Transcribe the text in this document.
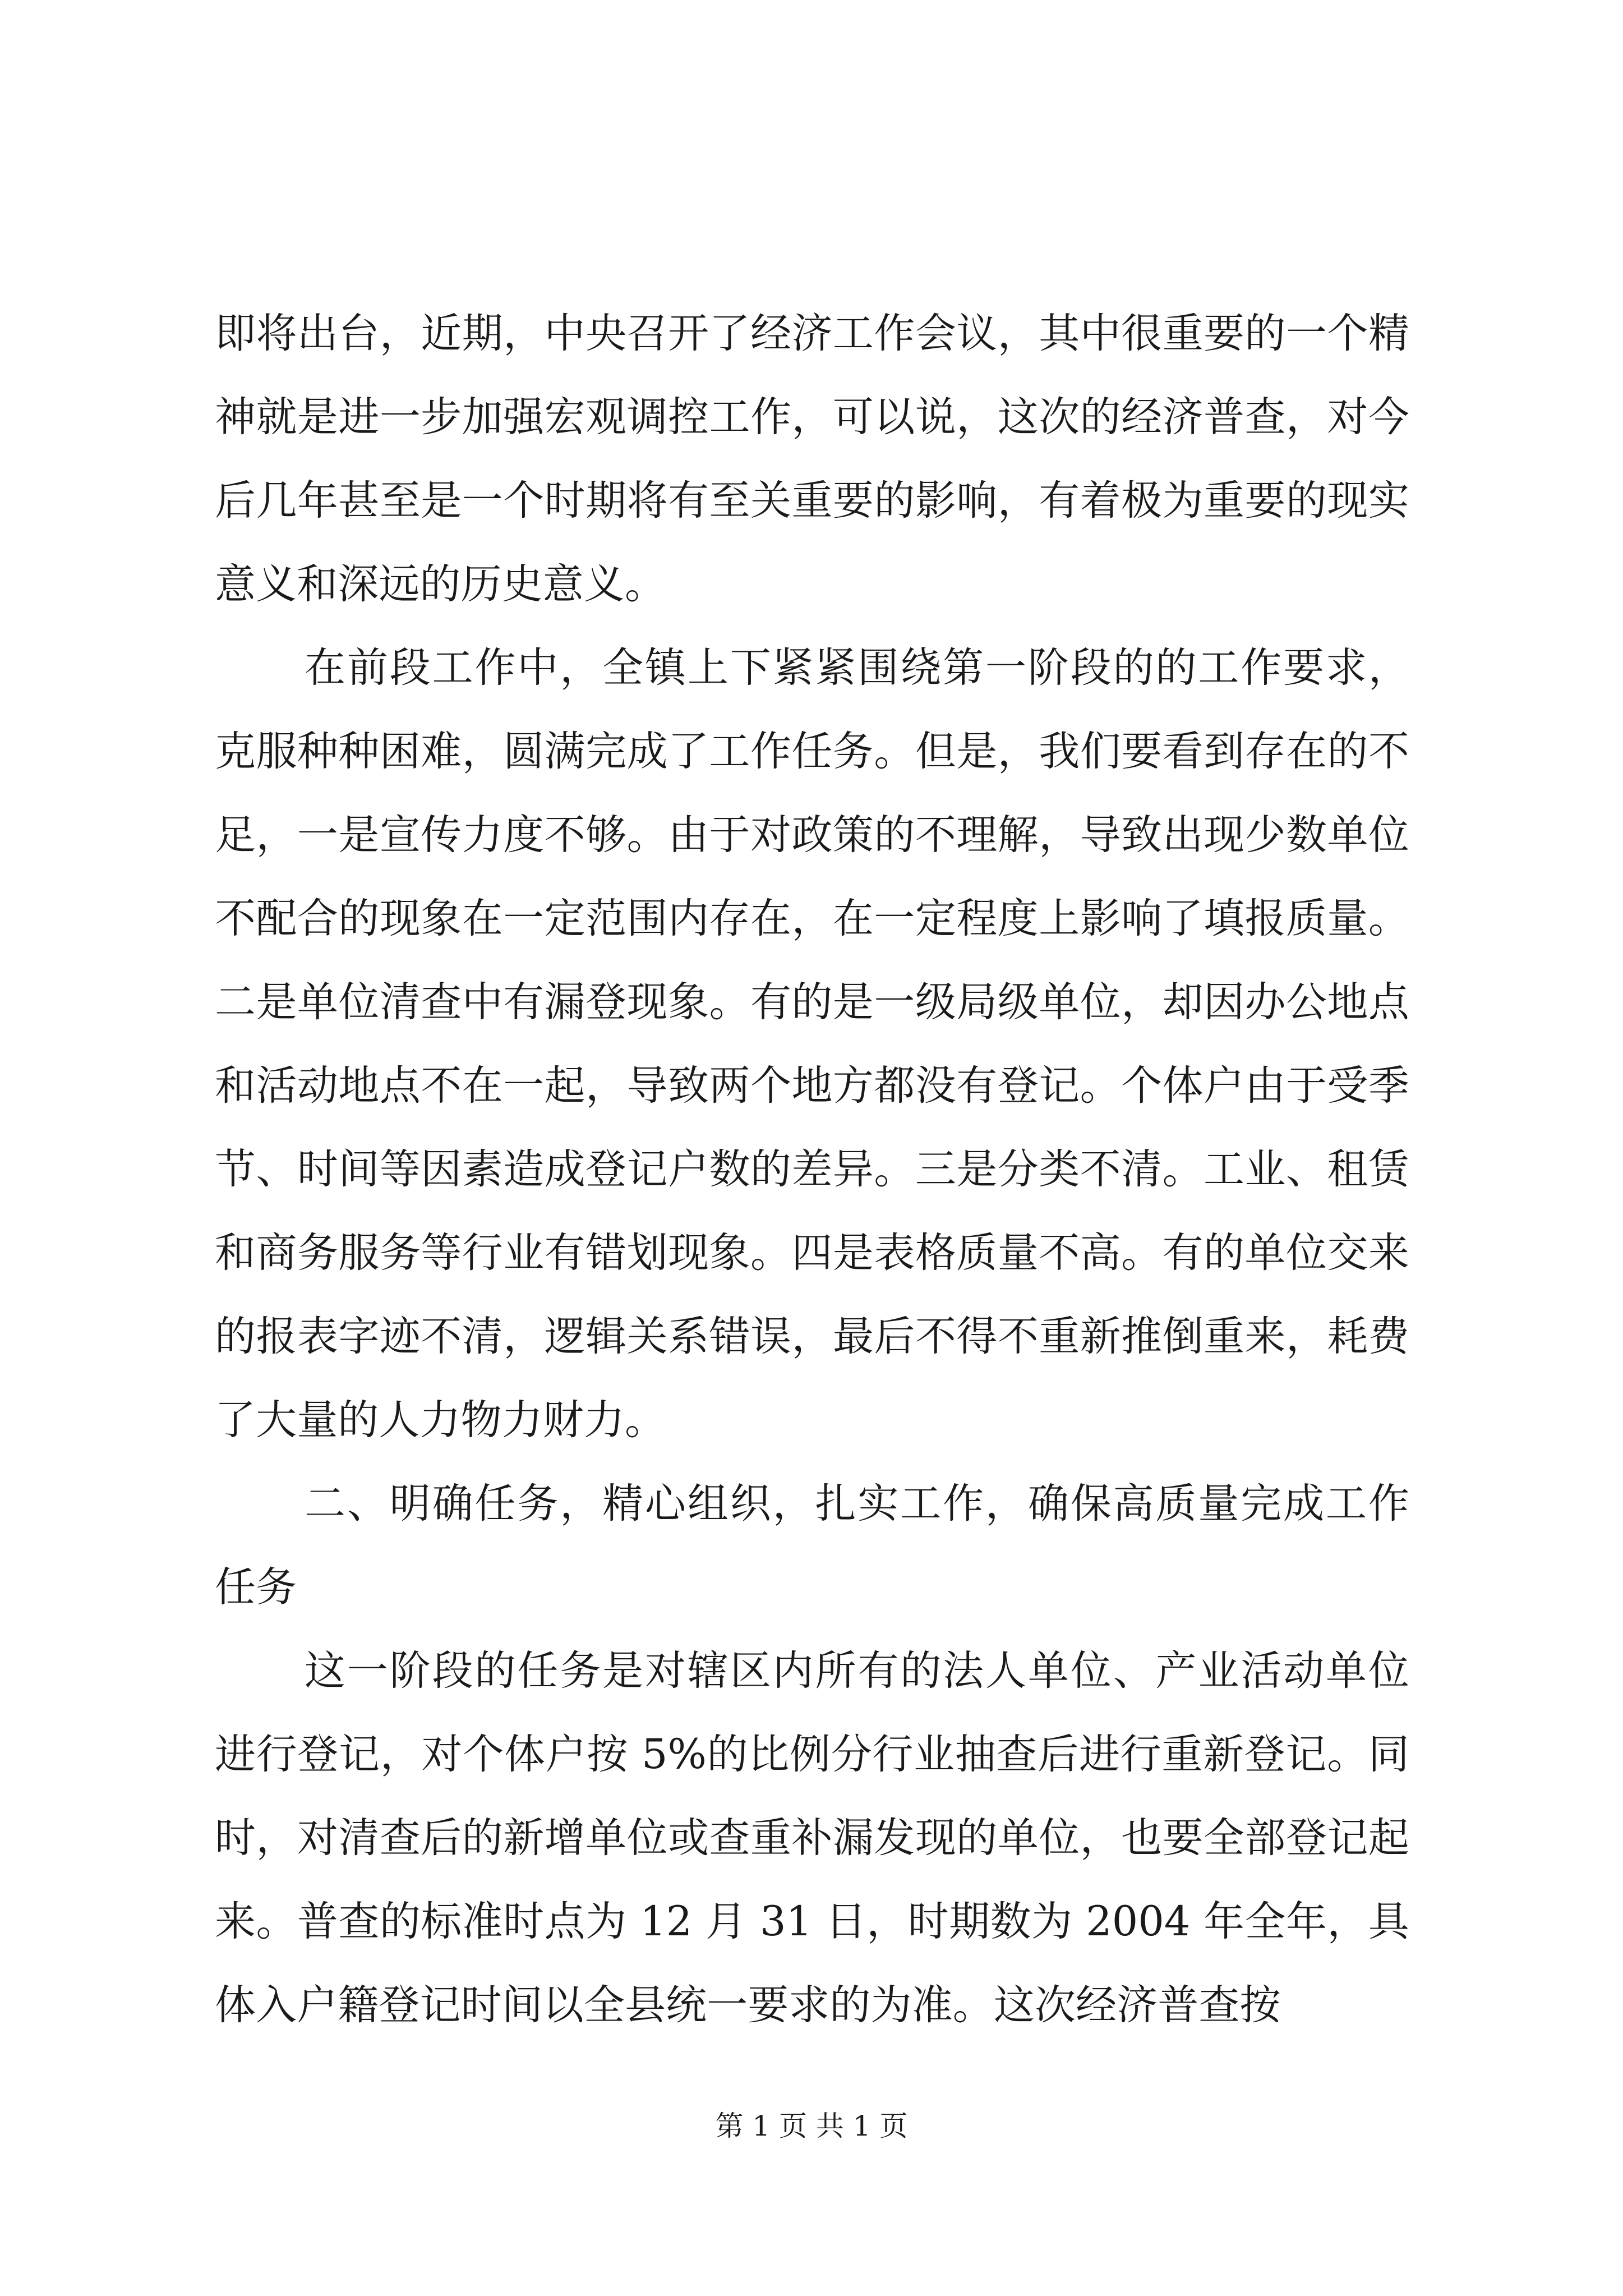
即将出台，近期，中央召开了经济工作会议，其中很重要的一个精神就是进一步加强宏观调控工作，可以说，这次的经济普查，对今后几年甚至是一个时期将有至关重要的影响，有着极为重要的现实意义和深远的历史意义。

在前段工作中，全镇上下紧紧围绕第一阶段的的工作要求，克服种种困难，圆满完成了工作任务。但是，我们要看到存在的不足，一是宣传力度不够。由于对政策的不理解，导致出现少数单位不配合的现象在一定范围内存在，在一定程度上影响了填报质量。二是单位清查中有漏登现象。有的是一级局级单位，却因办公地点和活动地点不在一起，导致两个地方都没有登记。个体户由于受季节、时间等因素造成登记户数的差异。三是分类不清。工业、租赁和商务服务等行业有错划现象。四是表格质量不高。有的单位交来的报表字迹不清，逻辑关系错误，最后不得不重新推倒重来，耗费了大量的人力物力财力。

二、明确任务，精心组织，扎实工作，确保高质量完成工作任务

这一阶段的任务是对辖区内所有的法人单位、产业活动单位进行登记，对个体户按 5%的比例分行业抽查后进行重新登记。同时，对清查后的新增单位或查重补漏发现的单位，也要全部登记起来。普查的标准时点为 12 月 31 日，时期数为 2004 年全年，具体入户籍登记时间以全县统一要求的为准。这次经济普查按

第 1 页 共 1 页
